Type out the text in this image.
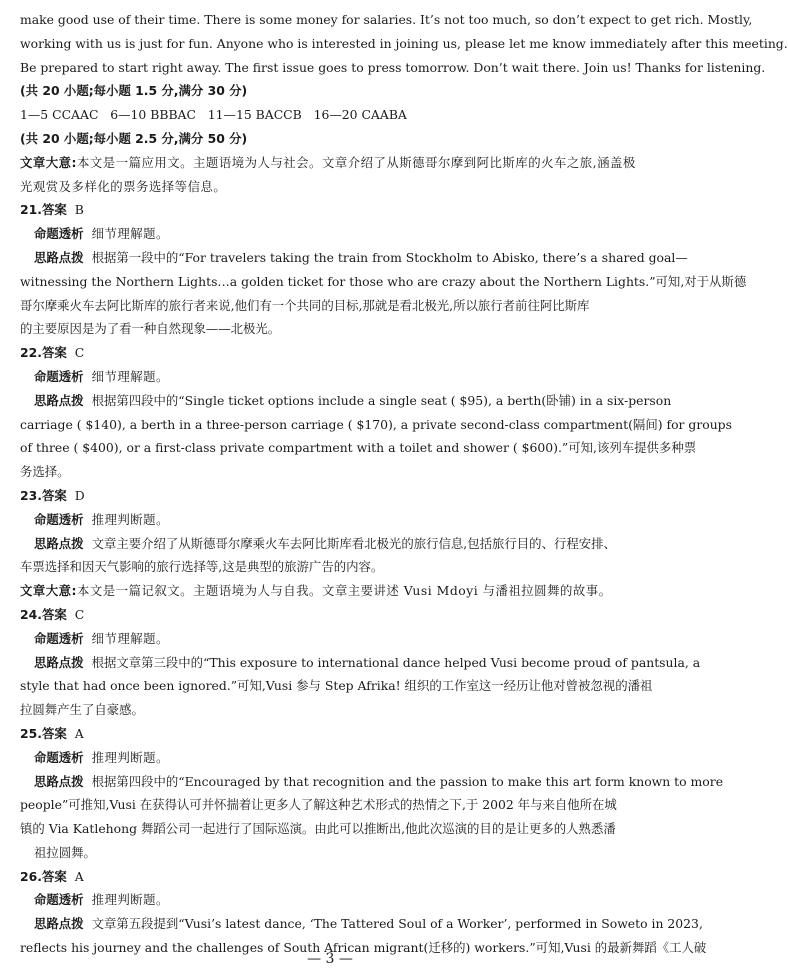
make good use of their time. There is some money for salaries. It’s not too much, so don’t expect to get rich. Mostly,
working with us is just for fun. Anyone who is interested in joining us, please let me know immediately after this meeting.
Be prepared to start right away. The first issue goes to press tomorrow. Don’t wait there. Join us! Thanks for listening.
(共 20 小题;每小题 1.5 分,满分 30 分)
1—5 CCAAC   6—10 BBBAC   11—15 BACCB   16—20 CAABA
(共 20 小题;每小题 2.5 分,满分 50 分)
文章大意:本文是一篇应用文。主题语境为人与社会。文章介绍了从斯德哥尔摩到阿比斯库的火车之旅,涵盖极
光观赏及多样化的票务选择等信息。
21.答案 B
命题透析 细节理解题。
思路点拨 根据第一段中的“For travelers taking the train from Stockholm to Abisko, there’s a shared goal—
witnessing the Northern Lights…a golden ticket for those who are crazy about the Northern Lights.”可知,对于从斯德
哥尔摩乘火车去阿比斯库的旅行者来说,他们有一个共同的目标,那就是看北极光,所以旅行者前往阿比斯库
的主要原因是为了看一种自然现象——北极光。
22.答案 C
命题透析 细节理解题。
思路点拨 根据第四段中的“Single ticket options include a single seat ( $95), a berth(卧铺) in a six-person
carriage ( $140), a berth in a three-person carriage ( $170), a private second-class compartment(隔间) for groups
of three ( $400), or a first-class private compartment with a toilet and shower ( $600).”可知,该列车提供多种票
务选择。
23.答案 D
命题透析 推理判断题。
思路点拨 文章主要介绍了从斯德哥尔摩乘火车去阿比斯库看北极光的旅行信息,包括旅行目的、行程安排、
车票选择和因天气影响的旅行选择等,这是典型的旅游广告的内容。
文章大意:本文是一篇记叙文。主题语境为人与自我。文章主要讲述 Vusi Mdoyi 与潘祖拉圆舞的故事。
24.答案 C
命题透析 细节理解题。
思路点拨 根据文章第三段中的“This exposure to international dance helped Vusi become proud of pantsula, a
style that had once been ignored.”可知,Vusi 参与 Step Afrika! 组织的工作室这一经历让他对曾被忽视的潘祖
拉圆舞产生了自豪感。
25.答案 A
命题透析 推理判断题。
思路点拨 根据第四段中的“Encouraged by that recognition and the passion to make this art form known to more
people”可推知,Vusi 在获得认可并怀揣着让更多人了解这种艺术形式的热情之下,于 2002 年与来自他所在城
镇的 Via Katlehong 舞蹈公司一起进行了国际巡演。由此可以推断出,他此次巡演的目的是让更多的人熟悉潘
祖拉圆舞。
26.答案 A
命题透析 推理判断题。
思路点拨 文章第五段提到“Vusi’s latest dance, ‘The Tattered Soul of a Worker’, performed in Soweto in 2023,
reflects his journey and the challenges of South African migrant(迁移的) workers.”可知,Vusi 的最新舞蹈《工人破
— 3 —
